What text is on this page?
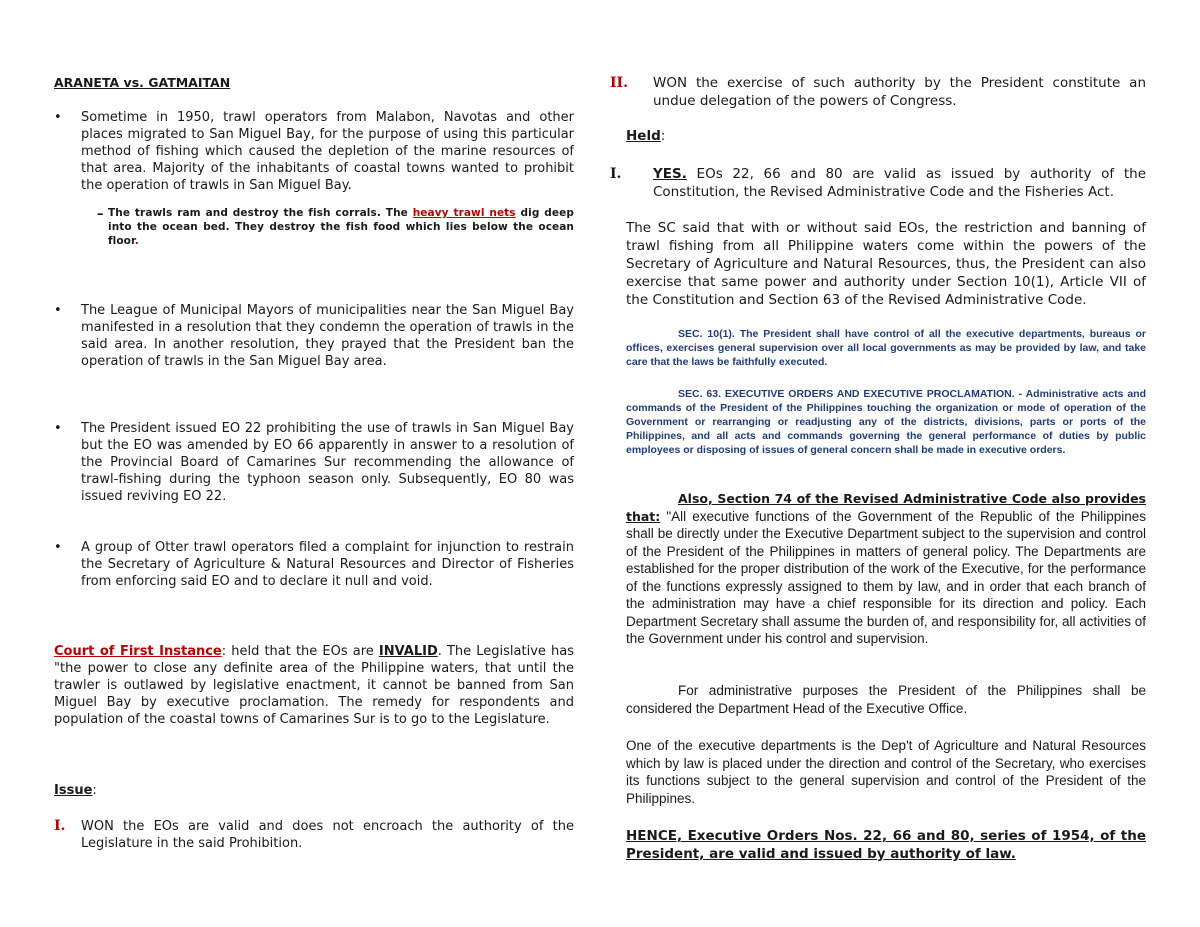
ARANETA vs. GATMAITAN
• Sometime in 1950, trawl operators from Malabon, Navotas and other places migrated to San Miguel Bay, for the purpose of using this particular method of fishing which caused the depletion of the marine resources of that area. Majority of the inhabitants of coastal towns wanted to prohibit the operation of trawls in San Miguel Bay.
– The trawls ram and destroy the fish corrals. The heavy trawl nets dig deep into the ocean bed. They destroy the fish food which lies below the ocean floor.
• The League of Municipal Mayors of municipalities near the San Miguel Bay manifested in a resolution that they condemn the operation of trawls in the said area. In another resolution, they prayed that the President ban the operation of trawls in the San Miguel Bay area.
• The President issued EO 22 prohibiting the use of trawls in San Miguel Bay but the EO was amended by EO 66 apparently in answer to a resolution of the Provincial Board of Camarines Sur recommending the allowance of trawl-fishing during the typhoon season only. Subsequently, EO 80 was issued reviving EO 22.
• A group of Otter trawl operators filed a complaint for injunction to restrain the Secretary of Agriculture & Natural Resources and Director of Fisheries from enforcing said EO and to declare it null and void.
Court of First Instance: held that the EOs are INVALID. The Legislative has "the power to close any definite area of the Philippine waters, that until the trawler is outlawed by legislative enactment, it cannot be banned from San Miguel Bay by executive proclamation. The remedy for respondents and population of the coastal towns of Camarines Sur is to go to the Legislature.
Issue:
I. WON the EOs are valid and does not encroach the authority of the Legislature in the said Prohibition.
II. WON the exercise of such authority by the President constitute an undue delegation of the powers of Congress.
Held:
I. YES. EOs 22, 66 and 80 are valid as issued by authority of the Constitution, the Revised Administrative Code and the Fisheries Act.
The SC said that with or without said EOs, the restriction and banning of trawl fishing from all Philippine waters come within the powers of the Secretary of Agriculture and Natural Resources, thus, the President can also exercise that same power and authority under Section 10(1), Article VII of the Constitution and Section 63 of the Revised Administrative Code.
SEC. 10(1). The President shall have control of all the executive departments, bureaus or offices, exercises general supervision over all local governments as may be provided by law, and take care that the laws be faithfully executed.
SEC. 63. EXECUTIVE ORDERS AND EXECUTIVE PROCLAMATION. - Administrative acts and commands of the President of the Philippines touching the organization or mode of operation of the Government or rearranging or readjusting any of the districts, divisions, parts or ports of the Philippines, and all acts and commands governing the general performance of duties by public employees or disposing of issues of general concern shall be made in executive orders.
Also, Section 74 of the Revised Administrative Code also provides that: "All executive functions of the Government of the Republic of the Philippines shall be directly under the Executive Department subject to the supervision and control of the President of the Philippines in matters of general policy. The Departments are established for the proper distribution of the work of the Executive, for the performance of the functions expressly assigned to them by law, and in order that each branch of the administration may have a chief responsible for its direction and policy. Each Department Secretary shall assume the burden of, and responsibility for, all activities of the Government under his control and supervision.
For administrative purposes the President of the Philippines shall be considered the Department Head of the Executive Office.
One of the executive departments is the Dep't of Agriculture and Natural Resources which by law is placed under the direction and control of the Secretary, who exercises its functions subject to the general supervision and control of the President of the Philippines.
HENCE, Executive Orders Nos. 22, 66 and 80, series of 1954, of the President, are valid and issued by authority of law.
